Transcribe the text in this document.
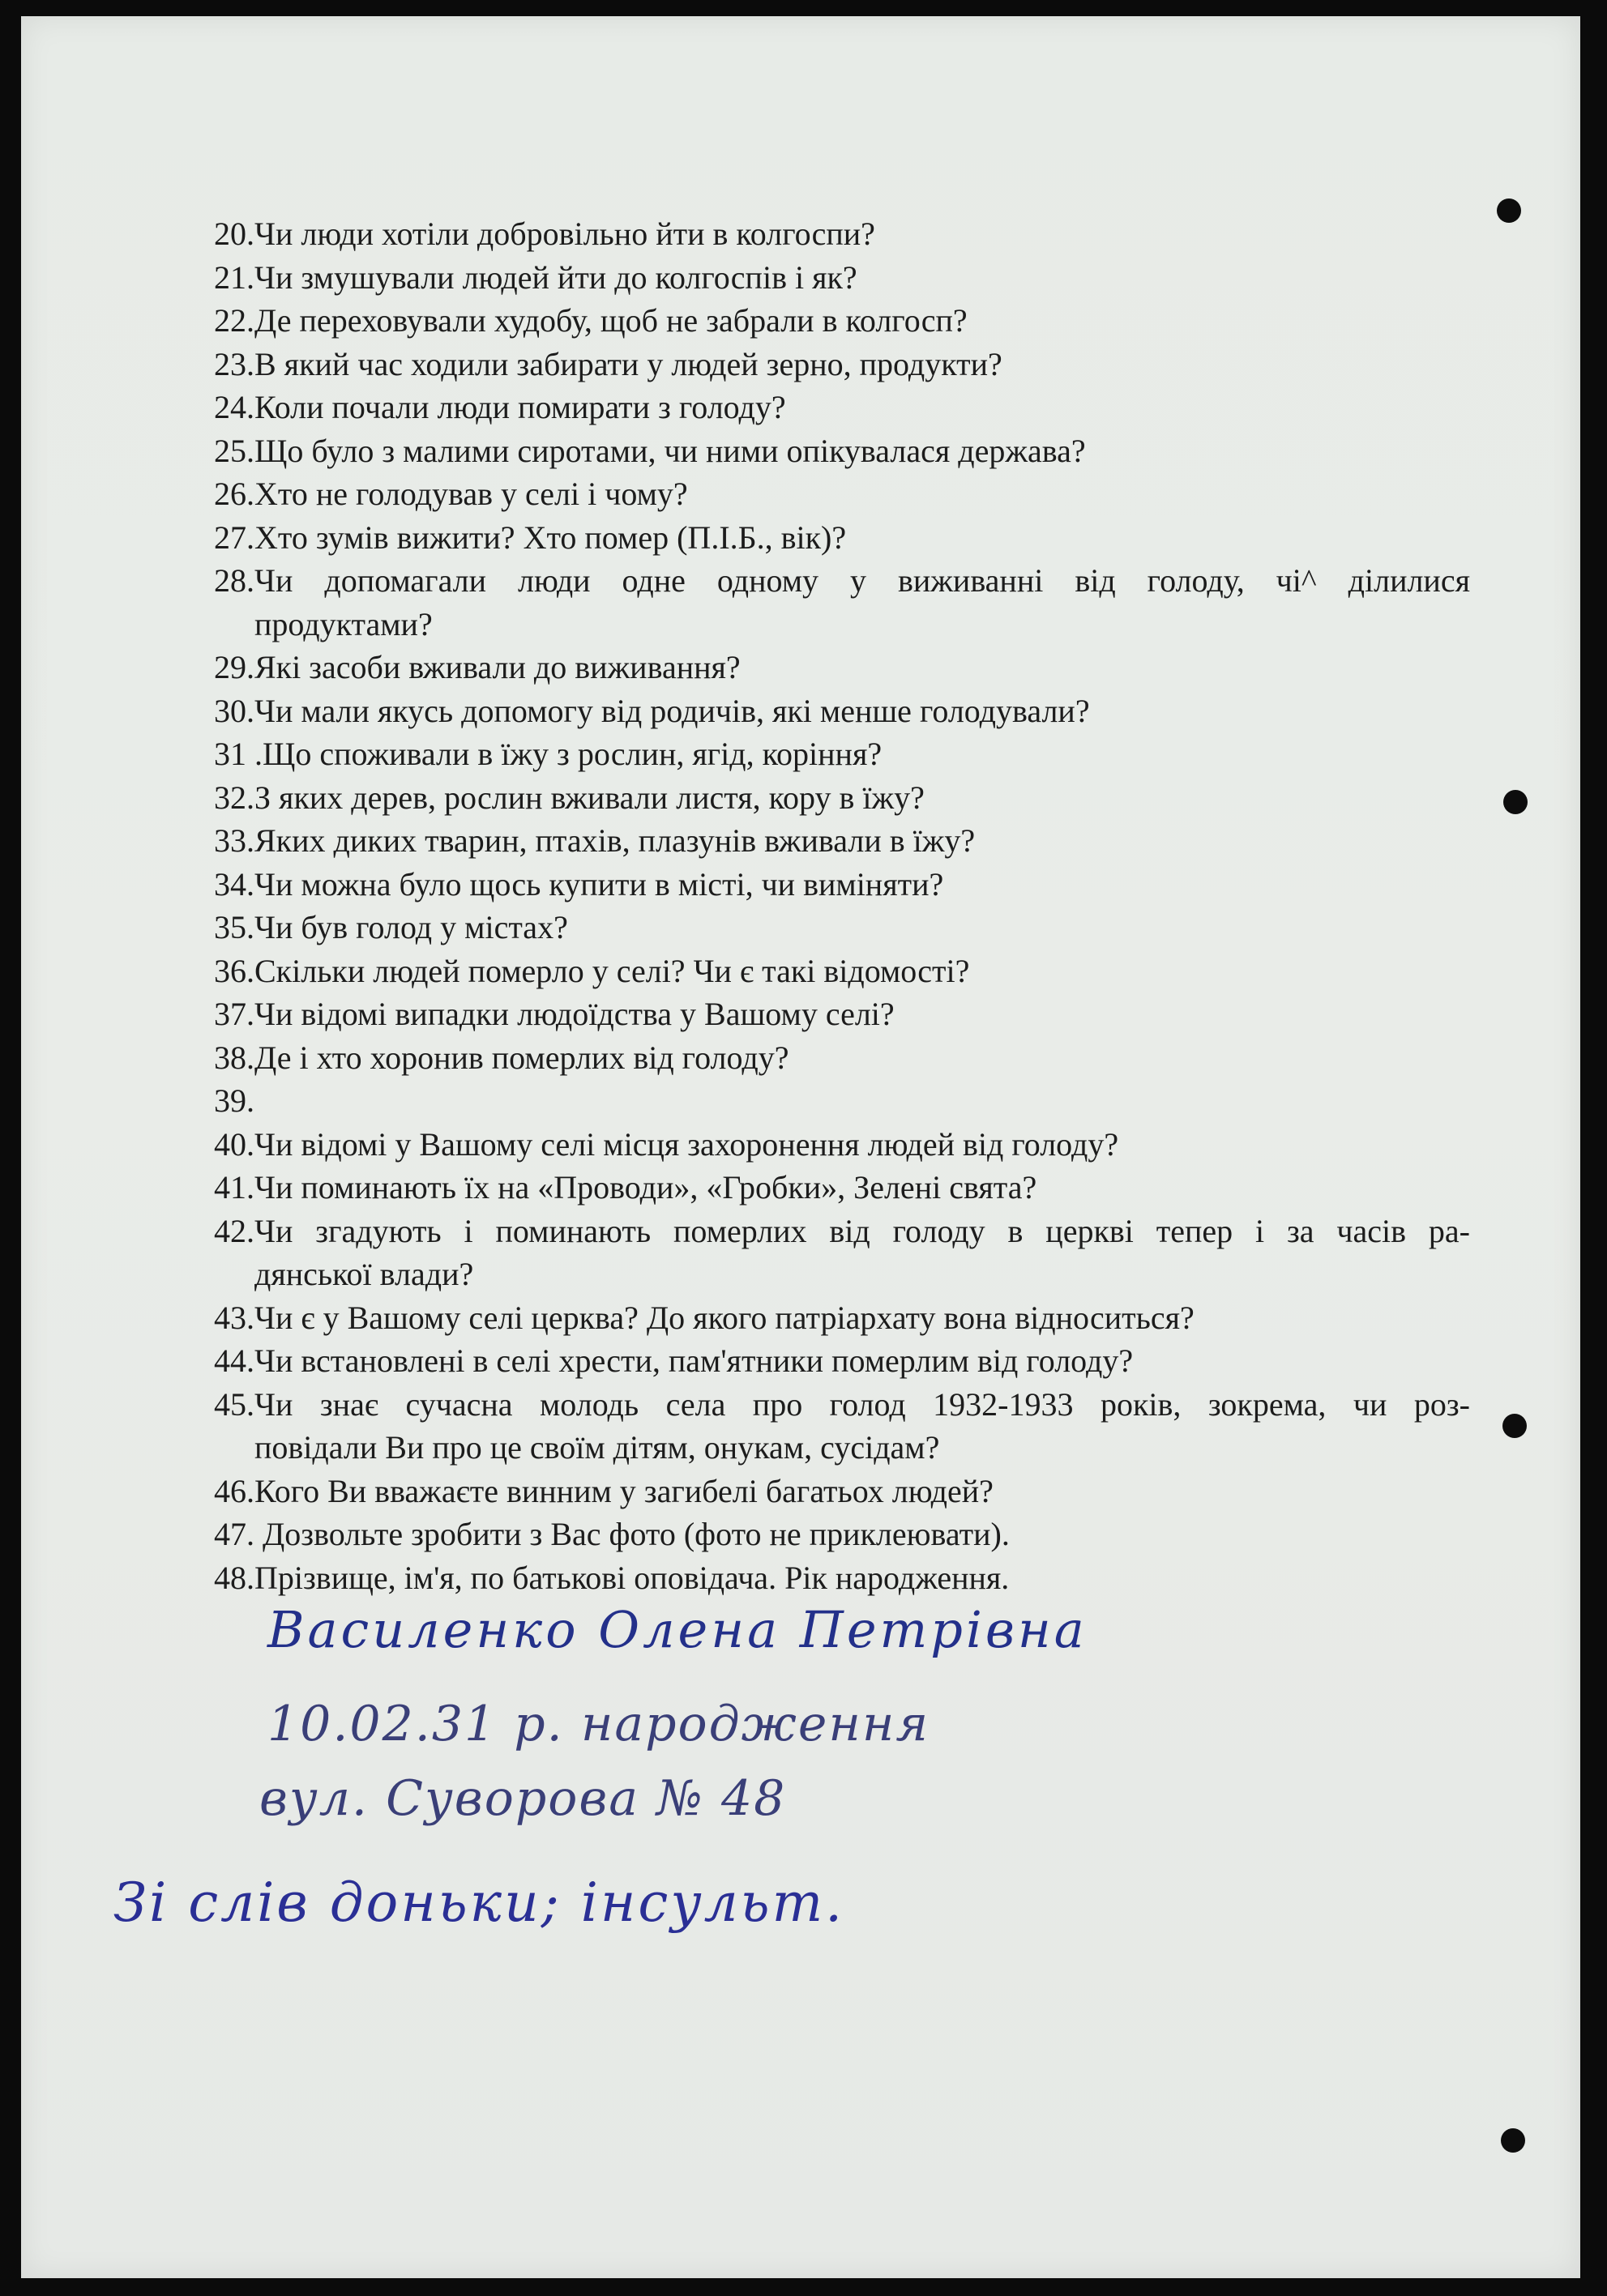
20.Чи люди хотіли добровільно йти в колгоспи?
21.Чи змушували людей йти до колгоспів і як?
22.Де переховували худобу, щоб не забрали в колгосп?
23.В який час ходили забирати у людей зерно, продукти?
24.Коли почали люди помирати з голоду?
25.Що було з малими сиротами, чи ними опікувалася держава?
26.Хто не голодував у селі і чому?
27.Хто зумів вижити? Хто помер (П.І.Б., вік)?
28.Чи допомагали люди одне одному у виживанні від голоду, чі^ ділилися
продуктами?
29.Які засоби вживали до виживання?
30.Чи мали якусь допомогу від родичів, які менше голодували?
31 .Що споживали в їжу з рослин, ягід, коріння?
32.З яких дерев, рослин вживали листя, кору в їжу?
33.Яких диких тварин, птахів, плазунів вживали в їжу?
34.Чи можна було щось купити в місті, чи виміняти?
35.Чи був голод у містах?
36.Скільки людей померло у селі? Чи є такі відомості?
37.Чи відомі випадки людоїдства у Вашому селі?
38.Де і хто хоронив померлих від голоду?
39.
40.Чи відомі у Вашому селі місця захоронення людей від голоду?
41.Чи поминають їх на «Проводи», «Гробки», Зелені свята?
42.Чи згадують і поминають померлих від голоду в церкві тепер і за часів ра-
дянської влади?
43.Чи є у Вашому селі церква? До якого патріархату вона відноситься?
44.Чи встановлені в селі хрести, пам'ятники померлим від голоду?
45.Чи знає сучасна молодь села про голод 1932-1933 років, зокрема, чи роз-
повідали Ви про це своїм дітям, онукам, сусідам?
46.Кого Ви вважаєте винним у загибелі багатьох людей?
47. Дозвольте зробити з Вас фото (фото не приклеювати).
48.Прізвище, ім'я, по батькові оповідача. Рік народження.
Василенко Олена Петрівна
10.02.31 р. народження
вул. Суворова № 48
Зі слів доньки; інсульт.
